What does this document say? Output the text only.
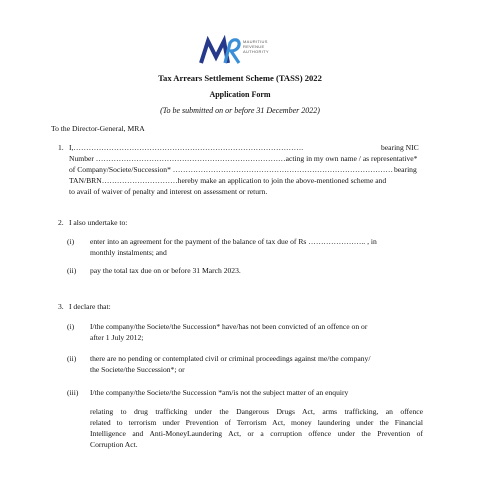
MAURITIUS
REVENUE
AUTHORITY
Tax Arrears Settlement Scheme (TASS) 2022
Application Form
(To be submitted on or before 31 December 2022)
To the Director-General, MRA
1. I,……………………………………………………………………………….	bearing NIC
Number …………………………………………………………………acting in my own name / as representative*
of Company/Societe/Succession* …………………………………………………………………………… bearing
TAN/BRN…………………………hereby make an application to join the above-mentioned scheme and
to avail of waiver of penalty and interest on assessment or return.
2. I also undertake to:
(i) enter into an agreement for the payment of the balance of tax due of Rs ………………….. , in
monthly instalments; and
(ii) pay the total tax due on or before 31 March 2023.
3. I declare that:
(i) I/the company/the Societe/the Succession* have/has not been convicted of an offence on or
after 1 July 2012;
(ii) there are no pending or contemplated civil or criminal proceedings against me/the company/
the Societe/the Succession*; or
(iii) I/the company/the Societe/the Succession *am/is not the subject matter of an enquiry
relating to drug trafficking under the Dangerous Drugs Act, arms trafficking, an offence
related to terrorism under Prevention of Terrorism Act, money laundering under the Financial
Intelligence and Anti-MoneyLaundering Act, or a corruption offence under the Prevention of
Corruption Act.
